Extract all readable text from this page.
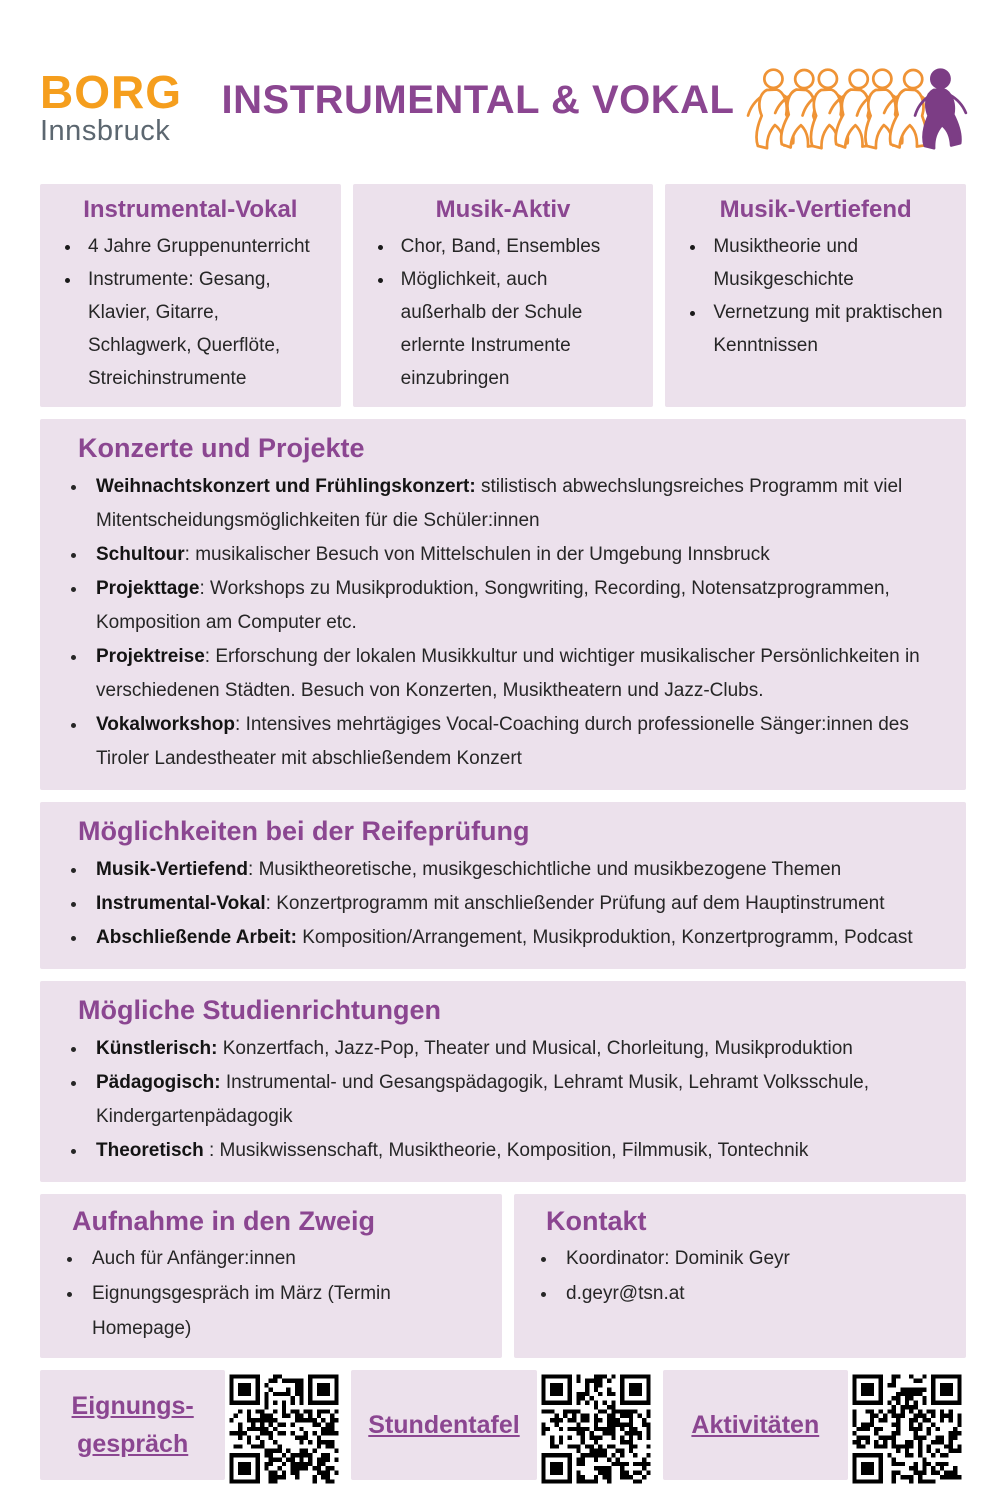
BORG
Innsbruck
INSTRUMENTAL & VOKAL
Instrumental-Vokal
• 4 Jahre Gruppenunterricht
• Instrumente: Gesang, Klavier, Gitarre, Schlagwerk, Querflöte, Streichinstrumente
Musik-Aktiv
• Chor, Band, Ensembles
• Möglichkeit, auch außerhalb der Schule erlernte Instrumente einzubringen
Musik-Vertiefend
• Musiktheorie und Musikgeschichte
• Vernetzung mit praktischen Kenntnissen
Konzerte und Projekte
• Weihnachtskonzert und Frühlingskonzert: stilistisch abwechslungsreiches Programm mit viel Mitentscheidungsmöglichkeiten für die Schüler:innen
• Schultour: musikalischer Besuch von Mittelschulen in der Umgebung Innsbruck
• Projekttage: Workshops zu Musikproduktion, Songwriting, Recording, Notensatzprogrammen, Komposition am Computer etc.
• Projektreise: Erforschung der lokalen Musikkultur und wichtiger musikalischer Persönlichkeiten in verschiedenen Städten. Besuch von Konzerten, Musiktheatern und Jazz-Clubs.
• Vokalworkshop: Intensives mehrtägiges Vocal-Coaching durch professionelle Sänger:innen des Tiroler Landestheater mit abschließendem Konzert
Möglichkeiten bei der Reifeprüfung
• Musik-Vertiefend: Musiktheoretische, musikgeschichtliche und musikbezogene Themen
• Instrumental-Vokal: Konzertprogramm mit anschließender Prüfung auf dem Hauptinstrument
• Abschließende Arbeit: Komposition/Arrangement, Musikproduktion, Konzertprogramm, Podcast
Mögliche Studienrichtungen
• Künstlerisch: Konzertfach, Jazz-Pop, Theater und Musical, Chorleitung, Musikproduktion
• Pädagogisch: Instrumental- und Gesangspädagogik, Lehramt Musik, Lehramt Volksschule, Kindergartenpädagogik
• Theoretisch : Musikwissenschaft, Musiktheorie, Komposition, Filmmusik, Tontechnik
Aufnahme in den Zweig
• Auch für Anfänger:innen
• Eignungsgespräch im März (Termin Homepage)
Kontakt
• Koordinator: Dominik Geyr
• d.geyr@tsn.at
Eignungs-
gespräch
Stundentafel	Aktivitäten
